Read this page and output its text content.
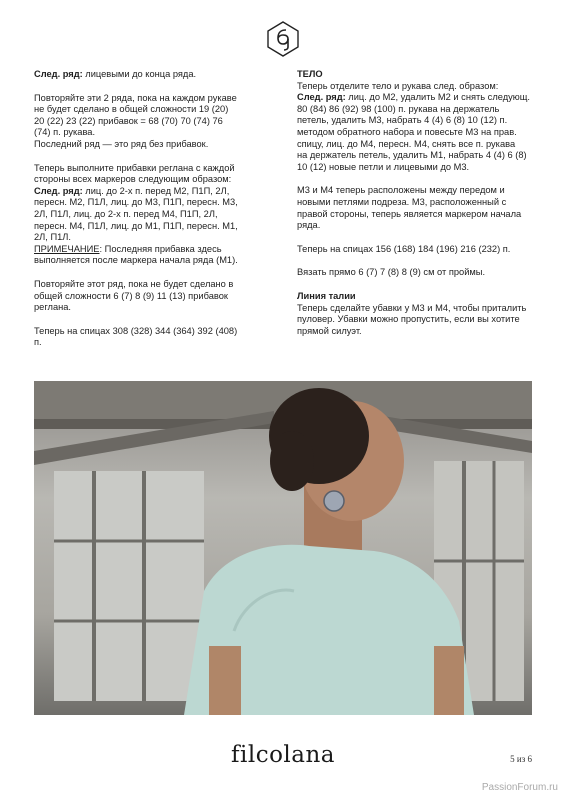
След. ряд: лицевыми до конца ряда.

Повторяйте эти 2 ряда, пока на каждом рукаве
не будет сделано в общей сложности 19 (20)
20 (22) 23 (22) прибавок = 68 (70) 70 (74) 76
(74) п. рукава.
Последний ряд — это ряд без прибавок.

Теперь выполните прибавки реглана с каждой
стороны всех маркеров следующим образом:

След. ряд: лиц. до 2-х п. перед М2, П1П, 2Л,
пересн. М2, П1Л, лиц. до М3, П1П, пересн. М3,
2Л, П1Л, лиц. до 2-х п. перед М4, П1П, 2Л,
пересн. М4, П1Л, лиц. до М1, П1П, пересн. М1,
2Л, П1Л.

ПРИМЕЧАНИЕ: Последняя прибавка здесь
выполняется после маркера начала ряда (М1).

Повторяйте этот ряд, пока не будет сделано в
общей сложности 6 (7) 8 (9) 11 (13) прибавок
реглана.

Теперь на спицах 308 (328) 344 (364) 392 (408)
п.

ТЕЛО

Теперь отделите тело и рукава след. образом:

След. ряд: лиц. до М2, удалить М2 и снять следующ.
80 (84) 86 (92) 98 (100) п. рукава на держатель
петель, удалить М3, набрать 4 (4) 6 (8) 10 (12) п.
методом обратного набора и повесьте М3 на прав.
спицу, лиц. до М4, пересн. М4, снять все п. рукава
на держатель петель, удалить М1, набрать 4 (4) 6 (8)
10 (12) новые петли и лицевыми до М3.

М3 и М4 теперь расположены между передом и
новыми петлями подреза. М3, расположенный с
правой стороны, теперь является маркером начала
ряда.

Теперь на спицах 156 (168) 184 (196) 216 (232) п.

Вязать прямо 6 (7) 7 (8) 8 (9) см от проймы.

Линия талии

Теперь сделайте убавки у М3 и М4, чтобы приталить
пуловер. Убавки можно пропустить, если вы хотите
прямой силуэт.

filcolana	5 из 6
PassionForum.ru
